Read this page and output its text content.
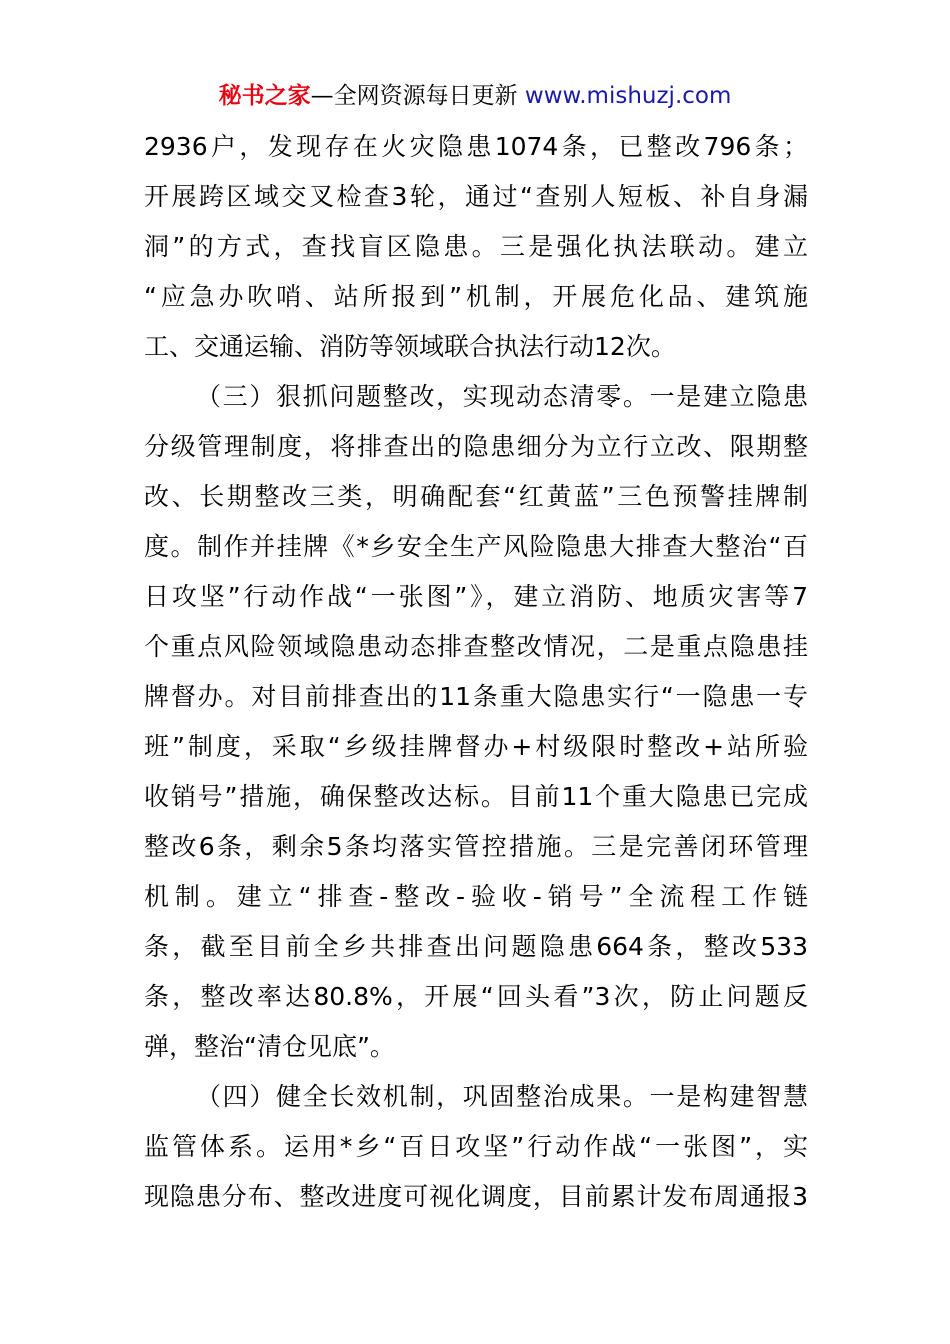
秘书之家—全网资源每日更新 www.mishuzj.com
2936户，发现存在火灾隐患1074条，已整改796条；
开展跨区域交叉检查3轮，通过“查别人短板、补自身漏
洞”的方式，查找盲区隐患。三是强化执法联动。建立
“应急办吹哨、站所报到”机制，开展危化品、建筑施
工、交通运输、消防等领域联合执法行动12次。
（三）狠抓问题整改，实现动态清零。一是建立隐患
分级管理制度，将排查出的隐患细分为立行立改、限期整
改、长期整改三类，明确配套“红黄蓝”三色预警挂牌制
度。制作并挂牌《*乡安全生产风险隐患大排查大整治“百
日攻坚”行动作战“一张图”》，建立消防、地质灾害等7
个重点风险领域隐患动态排查整改情况，二是重点隐患挂
牌督办。对目前排查出的11条重大隐患实行“一隐患一专
班”制度，采取“乡级挂牌督办+村级限时整改+站所验
收销号”措施，确保整改达标。目前11个重大隐患已完成
整改6条，剩余5条均落实管控措施。三是完善闭环管理
机制。建立“排查-整改-验收-销号”全流程工作链
条，截至目前全乡共排查出问题隐患664条，整改533
条，整改率达80.8%，开展“回头看”3次，防止问题反
弹，整治“清仓见底”。
（四）健全长效机制，巩固整治成果。一是构建智慧
监管体系。运用*乡“百日攻坚”行动作战“一张图”，实
现隐患分布、整改进度可视化调度，目前累计发布周通报3
